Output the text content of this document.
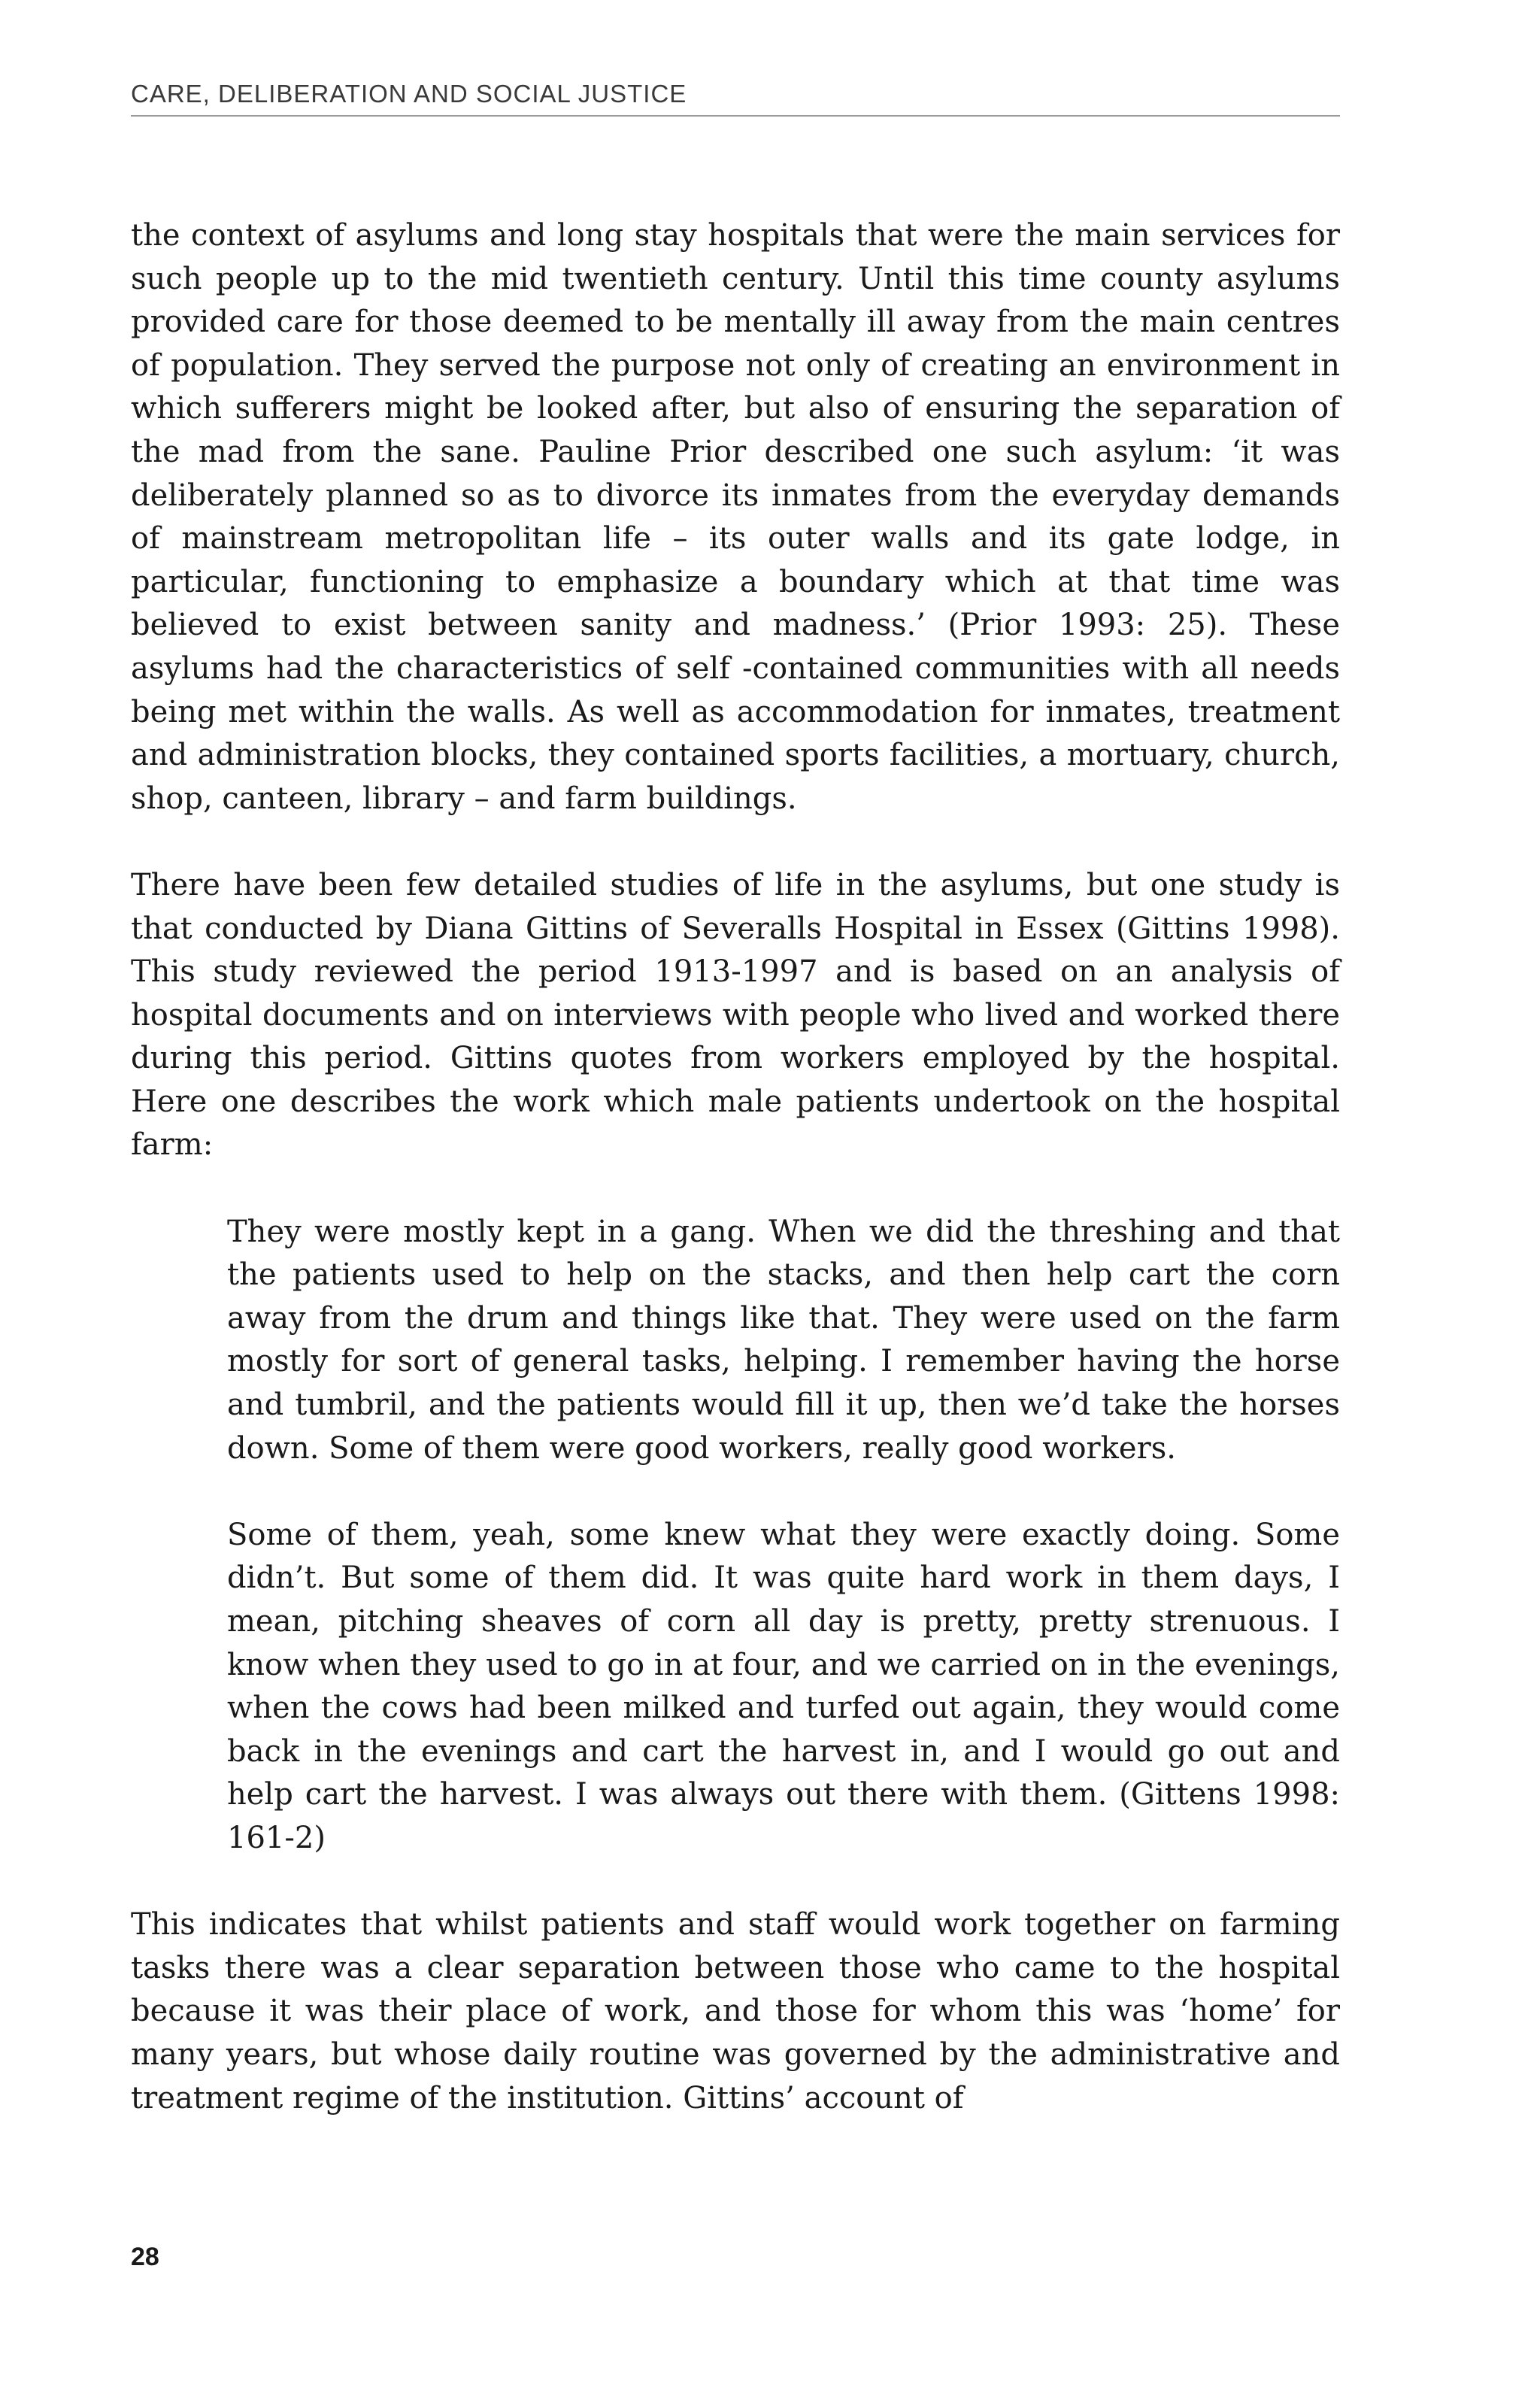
CARE, DELIBERATION AND SOCIAL JUSTICE

the context of asylums and long stay hospitals that were the main services for such people up to the mid twentieth century. Until this time county asylums provided care for those deemed to be mentally ill away from the main centres of population. They served the purpose not only of creating an environment in which sufferers might be looked after, but also of ensuring the separation of the mad from the sane. Pauline Prior described one such asylum: ‘it was deliberately planned so as to divorce its inmates from the everyday demands of mainstream metropolitan life – its outer walls and its gate lodge, in particular, functioning to emphasize a boundary which at that time was believed to exist between sanity and madness.’ (Prior 1993: 25). These asylums had the characteristics of self -contained communities with all needs being met within the walls. As well as accommodation for inmates, treatment and administration blocks, they contained sports facilities, a mortuary, church, shop, canteen, library – and farm buildings.

There have been few detailed studies of life in the asylums, but one study is that conducted by Diana Gittins of Severalls Hospital in Essex (Gittins 1998). This study reviewed the period 1913-1997 and is based on an analysis of hospital documents and on interviews with people who lived and worked there during this period. Gittins quotes from workers employed by the hospital. Here one describes the work which male patients undertook on the hospital farm:

They were mostly kept in a gang. When we did the threshing and that the patients used to help on the stacks, and then help cart the corn away from the drum and things like that. They were used on the farm mostly for sort of general tasks, helping. I remember having the horse and tumbril, and the patients would fill it up, then we’d take the horses down. Some of them were good workers, really good workers.

Some of them, yeah, some knew what they were exactly doing. Some didn’t. But some of them did. It was quite hard work in them days, I mean, pitching sheaves of corn all day is pretty, pretty strenuous. I know when they used to go in at four, and we carried on in the evenings, when the cows had been milked and turfed out again, they would come back in the evenings and cart the harvest in, and I would go out and help cart the harvest. I was always out there with them. (Gittens 1998: 161-2)

This indicates that whilst patients and staff would work together on farming tasks there was a clear separation between those who came to the hospital because it was their place of work, and those for whom this was ‘home’ for many years, but whose daily routine was governed by the administrative and treatment regime of the institution. Gittins’ account of

28
